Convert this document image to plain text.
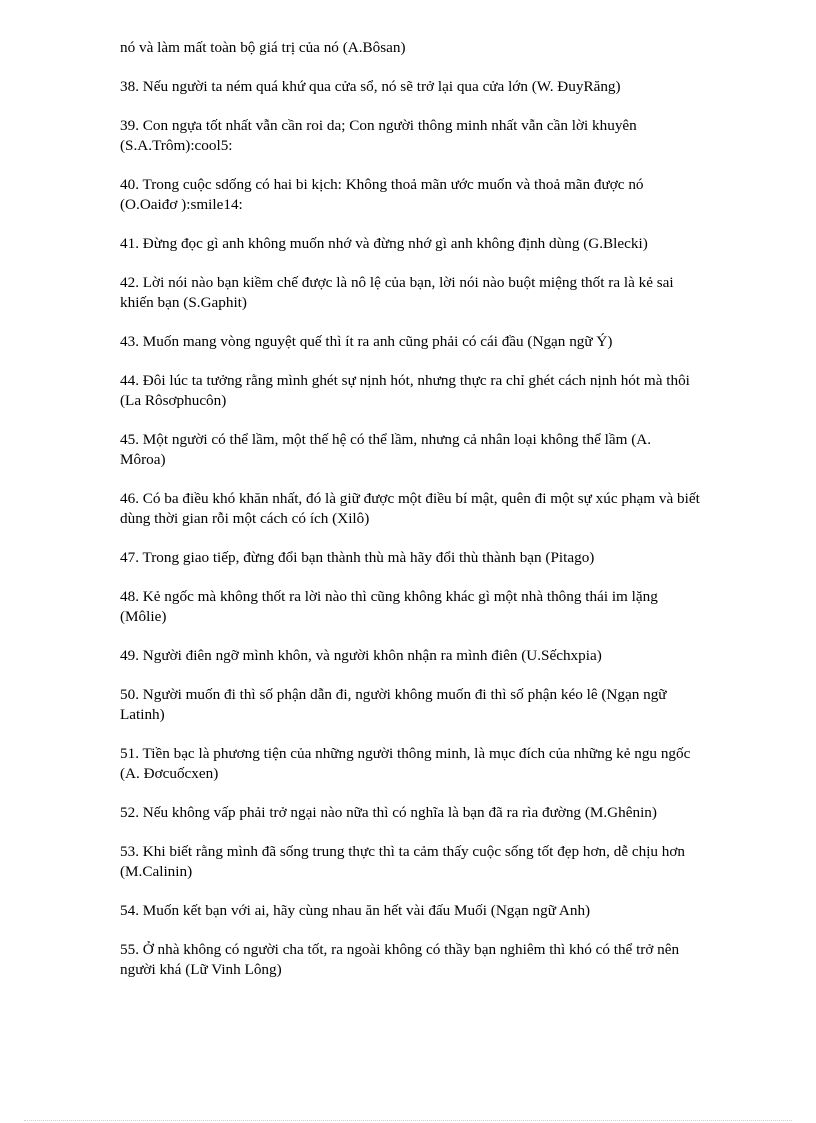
nó và làm mất toàn bộ giá trị của nó (A.Bôsan)

38. Nếu người ta ném quá khứ qua cửa sổ, nó sẽ trở lại qua cửa lớn (W. ĐuyRăng)

39. Con ngựa tốt nhất vẫn cần roi da; Con người thông minh nhất vẫn cần lời khuyên (S.A.Trôm):cool5:

40. Trong cuộc sdống có hai bi kịch: Không thoả mãn ước muốn và thoả mãn được nó (O.Oaiđơ ):smile14:

41. Đừng đọc gì anh không muốn nhớ và đừng nhớ gì anh không định dùng (G.Blecki)

42. Lời nói nào bạn kiềm chế được là nô lệ của bạn, lời nói nào buột miệng thốt ra là kẻ sai khiến bạn (S.Gaphit)

43. Muốn mang vòng nguyệt quế thì ít ra anh cũng phải có cái đầu (Ngạn ngữ Ý)

44. Đôi lúc ta tưởng rằng mình ghét sự nịnh hót, nhưng thực ra chỉ ghét cách nịnh hót mà thôi (La Rôsơphucôn)

45. Một người có thể lầm, một thế hệ có thể lầm, nhưng cả nhân loại không thể lầm (A. Môroa)

46. Có ba điều khó khăn nhất, đó là giữ được một điều bí mật, quên đi một sự xúc phạm và biết dùng thời gian rỗi một cách có ích (Xilô)

47. Trong giao tiếp, đừng đổi bạn thành thù mà hãy đổi thù thành bạn (Pitago)

48. Kẻ ngốc mà không thốt ra lời nào thì cũng không khác gì một nhà thông thái im lặng (Môlie)

49. Người điên ngỡ mình khôn, và người khôn nhận ra mình điên (U.Sếchxpia)

50. Người muốn đi thì số phận dẫn đi, người không muốn đi thì số phận kéo lê (Ngạn ngữ Latinh)

51. Tiền bạc là phương tiện của những người thông minh, là mục đích của những kẻ ngu ngốc (A. Đơcuốcxen)

52. Nếu không vấp phải trở ngại nào nữa thì có nghĩa là bạn đã ra rìa đường (M.Ghênin)

53. Khi biết rằng mình đã sống trung thực thì ta cảm thấy cuộc sống tốt đẹp hơn, dễ chịu hơn (M.Calinin)

54. Muốn kết bạn với ai, hãy cùng nhau ăn hết vài đấu Muối (Ngạn ngữ Anh)

55. Ở nhà không có người cha tốt, ra ngoài không có thầy bạn nghiêm thì khó có thể trở nên người khá (Lữ Vinh Lông)
